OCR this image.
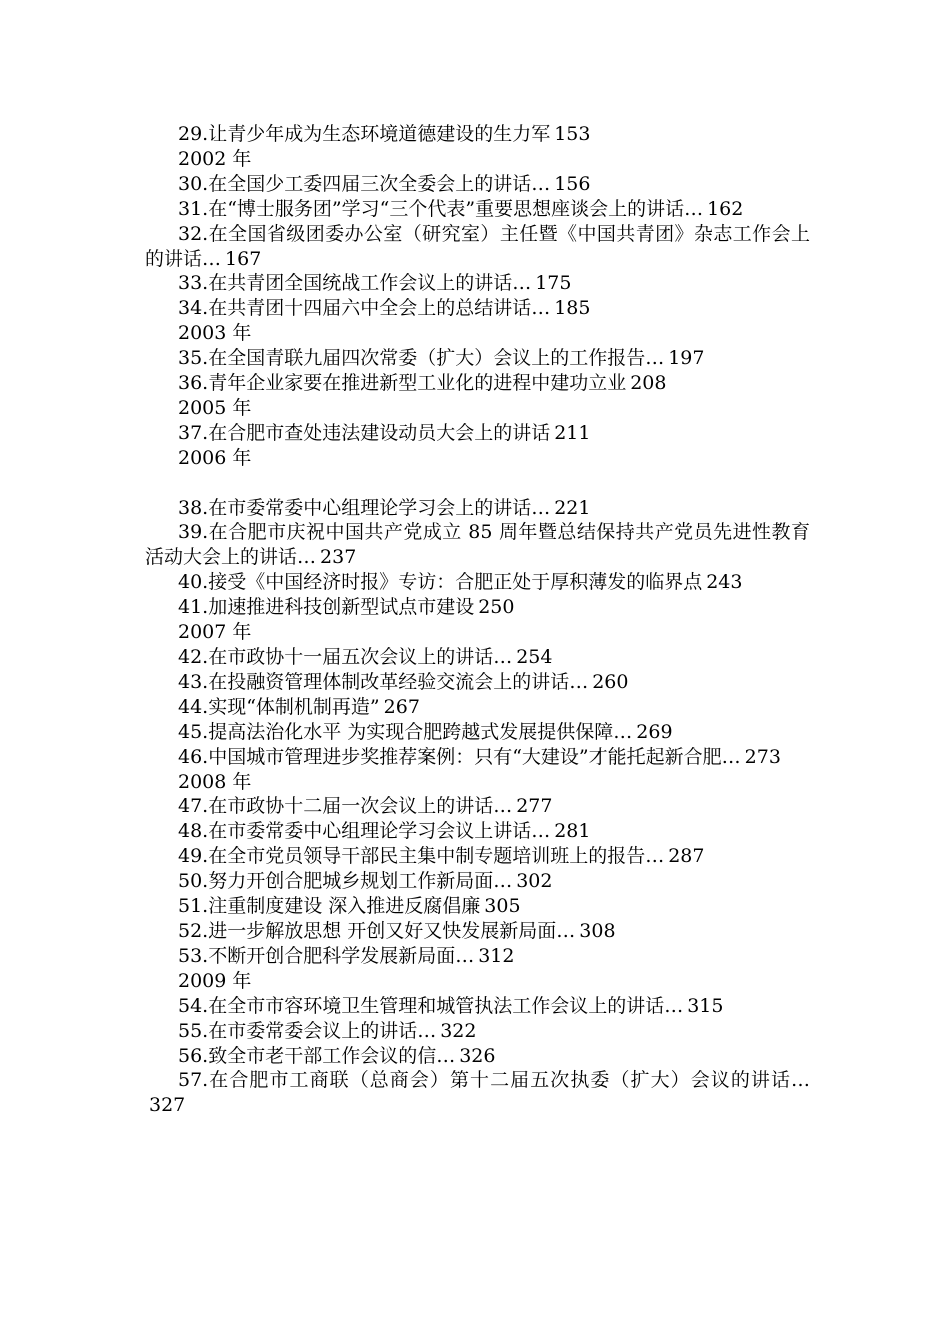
29.让青少年成为生态环境道德建设的生力军 153

2002 年

30.在全国少工委四届三次全委会上的讲话… 156

31.在“博士服务团”学习“三个代表”重要思想座谈会上的讲话… 162

32.在全国省级团委办公室（研究室）主任暨《中国共青团》杂志工作会上的讲话… 167

33.在共青团全国统战工作会议上的讲话… 175

34.在共青团十四届六中全会上的总结讲话… 185

2003 年

35.在全国青联九届四次常委（扩大）会议上的工作报告… 197

36.青年企业家要在推进新型工业化的进程中建功立业 208

2005 年

37.在合肥市查处违法建设动员大会上的讲话 211

2006 年

38.在市委常委中心组理论学习会上的讲话… 221

39.在合肥市庆祝中国共产党成立 85 周年暨总结保持共产党员先进性教育活动大会上的讲话… 237

40.接受《中国经济时报》专访：合肥正处于厚积薄发的临界点 243

41.加速推进科技创新型试点市建设 250

2007 年

42.在市政协十一届五次会议上的讲话… 254

43.在投融资管理体制改革经验交流会上的讲话… 260

44.实现“体制机制再造” 267

45.提高法治化水平 为实现合肥跨越式发展提供保障… 269

46.中国城市管理进步奖推荐案例：只有“大建设”才能托起新合肥… 273

2008 年

47.在市政协十二届一次会议上的讲话… 277

48.在市委常委中心组理论学习会议上讲话… 281

49.在全市党员领导干部民主集中制专题培训班上的报告… 287

50.努力开创合肥城乡规划工作新局面… 302

51.注重制度建设 深入推进反腐倡廉 305

52.进一步解放思想 开创又好又快发展新局面… 308

53.不断开创合肥科学发展新局面… 312

2009 年

54.在全市市容环境卫生管理和城管执法工作会议上的讲话… 315

55.在市委常委会议上的讲话… 322

56.致全市老干部工作会议的信… 326

57.在合肥市工商联（总商会）第十二届五次执委（扩大）会议的讲话…327
